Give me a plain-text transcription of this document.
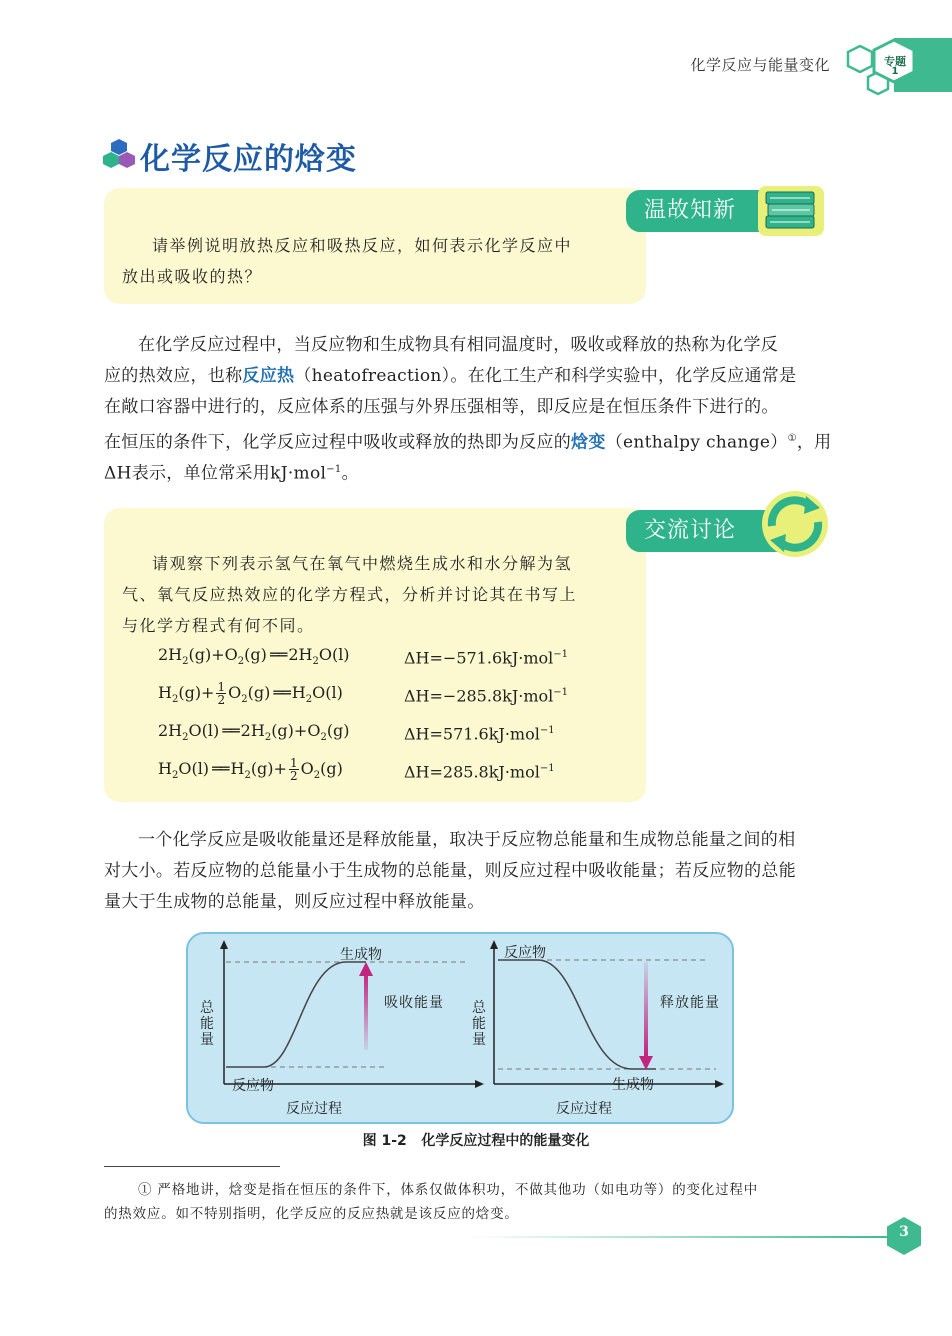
化学反应与能量变化	专题
1
化学反应的焓变
温故知新
请举例说明放热反应和吸热反应，如何表示化学反应中
放出或吸收的热？
在化学反应过程中，当反应物和生成物具有相同温度时，吸收或释放的热称为化学反
应的热效应，也称反应热（heatofreaction）。在化工生产和科学实验中，化学反应通常是
在敞口容器中进行的，反应体系的压强与外界压强相等，即反应是在恒压条件下进行的。
在恒压的条件下，化学反应过程中吸收或释放的热即为反应的焓变（enthalpy change）①，用
ΔH表示，单位常采用kJ·mol$^{-1}$。
交流讨论
请观察下列表示氢气在氧气中燃烧生成水和水分解为氢
气、氧气反应热效应的化学方程式，分析并讨论其在书写上
与化学方程式有何不同。
$2H_2(g)+O_2(g)$ ══ $2H_2O(l)$	ΔH=−571.6kJ·mol$^{-1}$
$H_2(g)+ \frac{1}{2} O_2(g)$ ══ $H_2O(l)$	ΔH=−285.8kJ·mol$^{-1}$
$2H_2O(l)$ ══ $2H_2(g)+O_2(g)$	ΔH=571.6kJ·mol$^{-1}$
$H_2O(l)$ ══ $H_2(g)+ \frac{1}{2} O_2(g)$	ΔH=285.8kJ·mol$^{-1}$
一个化学反应是吸收能量还是释放能量，取决于反应物总能量和生成物总能量之间的相
对大小。若反应物的总能量小于生成物的总能量，则反应过程中吸收能量；若反应物的总能
量大于生成物的总能量，则反应过程中释放能量。
生成物
吸收能量
反应物
总能量
反应过程
反应物
释放能量
生成物
总能量
反应过程
图 1-2 化学反应过程中的能量变化
① 严格地讲，焓变是指在恒压的条件下，体系仅做体积功，不做其他功（如电功等）的变化过程中
的热效应。如不特别指明，化学反应的反应热就是该反应的焓变。
3
